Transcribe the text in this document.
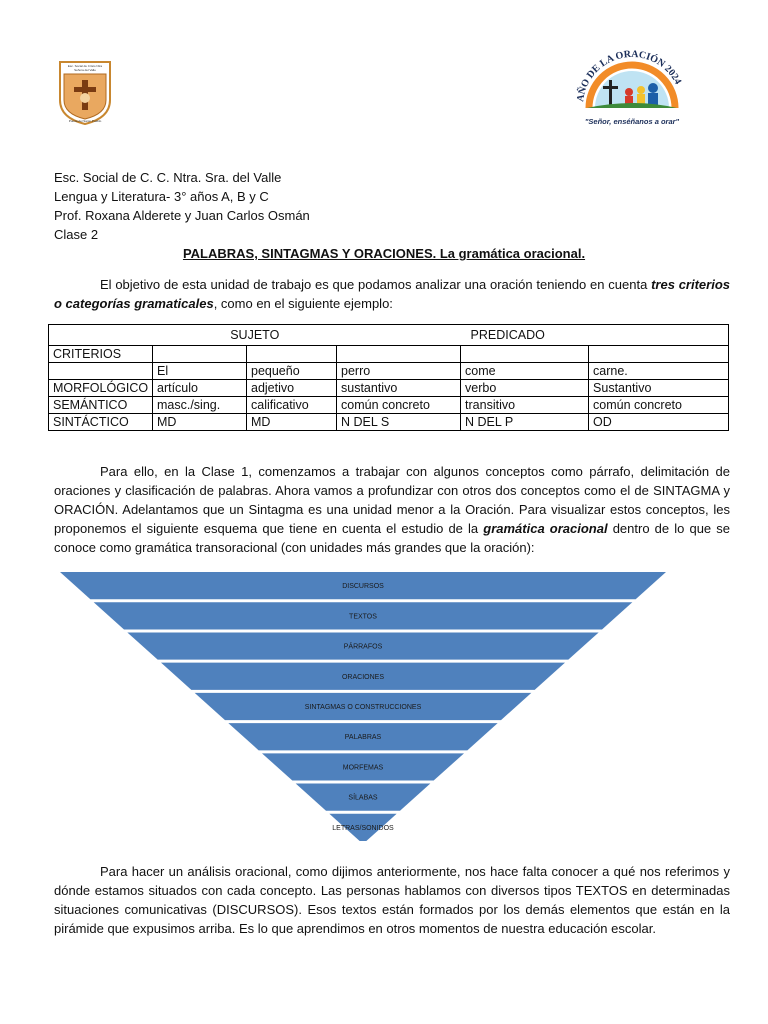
Esc. Social de Cristo Ntra
Señora del Valle
Puerta del Santo Pueblo
AÑO DE LA ORACIÓN 2024
"Señor, enséñanos a orar"
Esc. Social de C. C. Ntra. Sra. del Valle
Lengua y Literatura- 3° años A, B y C
Prof. Roxana Alderete y Juan Carlos Osmán
Clase 2
PALABRAS, SINTAGMAS Y ORACIONES. La gramática oracional.
El objetivo de esta unidad de trabajo es que podamos analizar una oración teniendo en cuenta tres criterios o categorías gramaticales, como en el siguiente ejemplo:
SUJETO				PREDICADO	
CRITERIOS					
	El	pequeño	perro	come	carne.
MORFOLÓGICO	artículo	adjetivo	sustantivo	verbo	Sustantivo
SEMÁNTICO	masc./sing.	calificativo	común concreto	transitivo	común concreto
SINTÁCTICO	MD	MD	N DEL S	N DEL P	OD
Para ello, en la Clase 1, comenzamos a trabajar con algunos conceptos como párrafo, delimitación de oraciones y clasificación de palabras. Ahora vamos a profundizar con otros dos conceptos como el de SINTAGMA y ORACIÓN. Adelantamos que un Sintagma es una unidad menor a la Oración. Para visualizar estos conceptos, les proponemos el siguiente esquema que tiene en cuenta el estudio de la gramática oracional dentro de lo que se conoce como gramática transoracional (con unidades más grandes que la oración):
DISCURSOS
TEXTOS
PÁRRAFOS
ORACIONES
SINTAGMAS O CONSTRUCCIONES
PALABRAS
MORFEMAS
SÍLABAS
LETRAS/SONIDOS
Para hacer un análisis oracional, como dijimos anteriormente, nos hace falta conocer a qué nos referimos y dónde estamos situados con cada concepto. Las personas hablamos con diversos tipos TEXTOS en determinadas situaciones comunicativas (DISCURSOS). Esos textos están formados por los demás elementos que están en la pirámide que expusimos arriba. Es lo que aprendimos en otros momentos de nuestra educación escolar.
